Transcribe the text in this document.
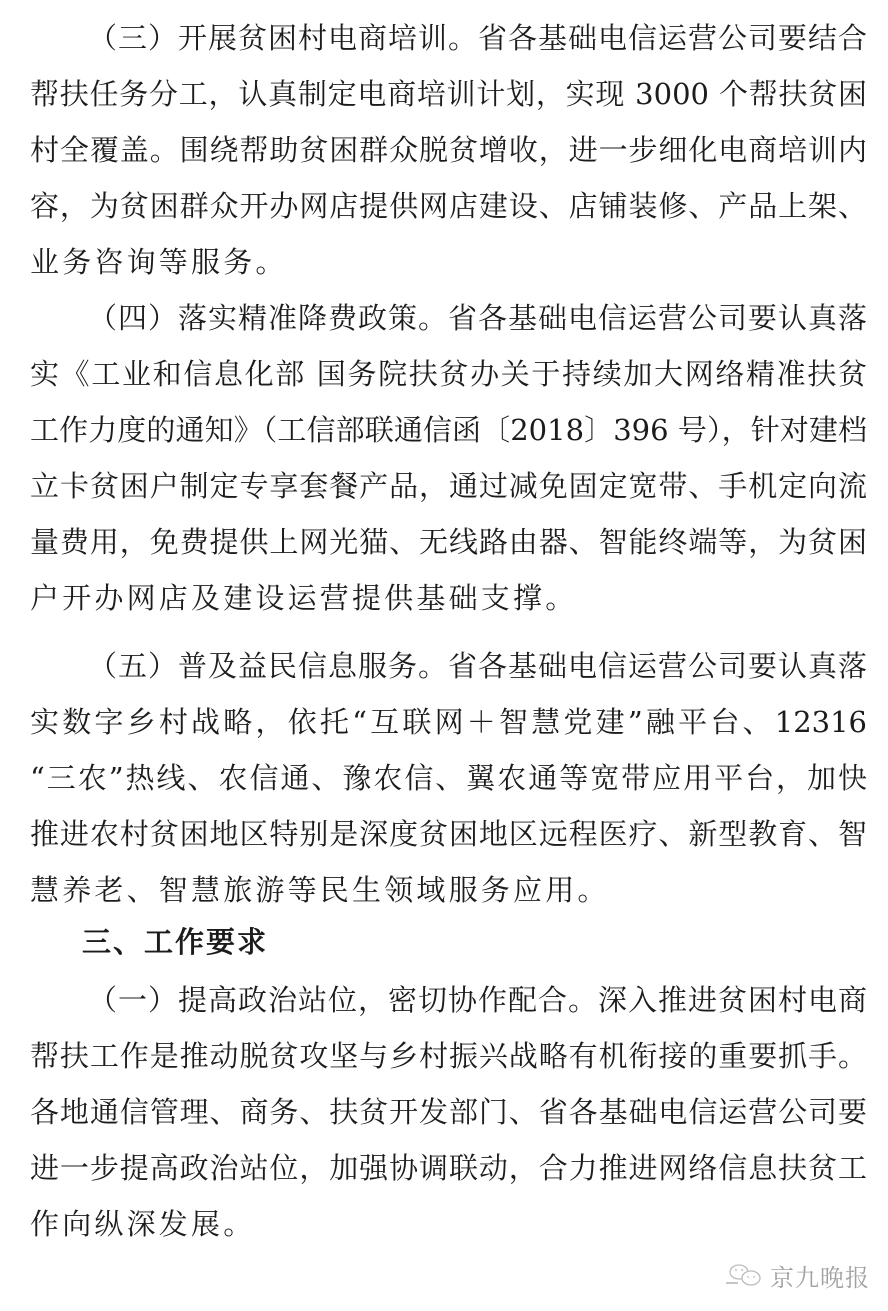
（三）开展贫困村电商培训。省各基础电信运营公司要结合
帮扶任务分工，认真制定电商培训计划，实现 3000 个帮扶贫困
村全覆盖。围绕帮助贫困群众脱贫增收，进一步细化电商培训内
容，为贫困群众开办网店提供网店建设、店铺装修、产品上架、
业务咨询等服务。
（四）落实精准降费政策。省各基础电信运营公司要认真落
实《工业和信息化部 国务院扶贫办关于持续加大网络精准扶贫
工作力度的通知》（工信部联通信函〔2018〕396 号），针对建档
立卡贫困户制定专享套餐产品，通过减免固定宽带、手机定向流
量费用，免费提供上网光猫、无线路由器、智能终端等，为贫困
户开办网店及建设运营提供基础支撑。
（五）普及益民信息服务。省各基础电信运营公司要认真落
实数字乡村战略，依托“互联网＋智慧党建”融平台、12316
“三农”热线、农信通、豫农信、翼农通等宽带应用平台，加快
推进农村贫困地区特别是深度贫困地区远程医疗、新型教育、智
慧养老、智慧旅游等民生领域服务应用。
三、工作要求
（一）提高政治站位，密切协作配合。深入推进贫困村电商
帮扶工作是推动脱贫攻坚与乡村振兴战略有机衔接的重要抓手。
各地通信管理、商务、扶贫开发部门、省各基础电信运营公司要
进一步提高政治站位，加强协调联动，合力推进网络信息扶贫工
作向纵深发展。
京九晚报
